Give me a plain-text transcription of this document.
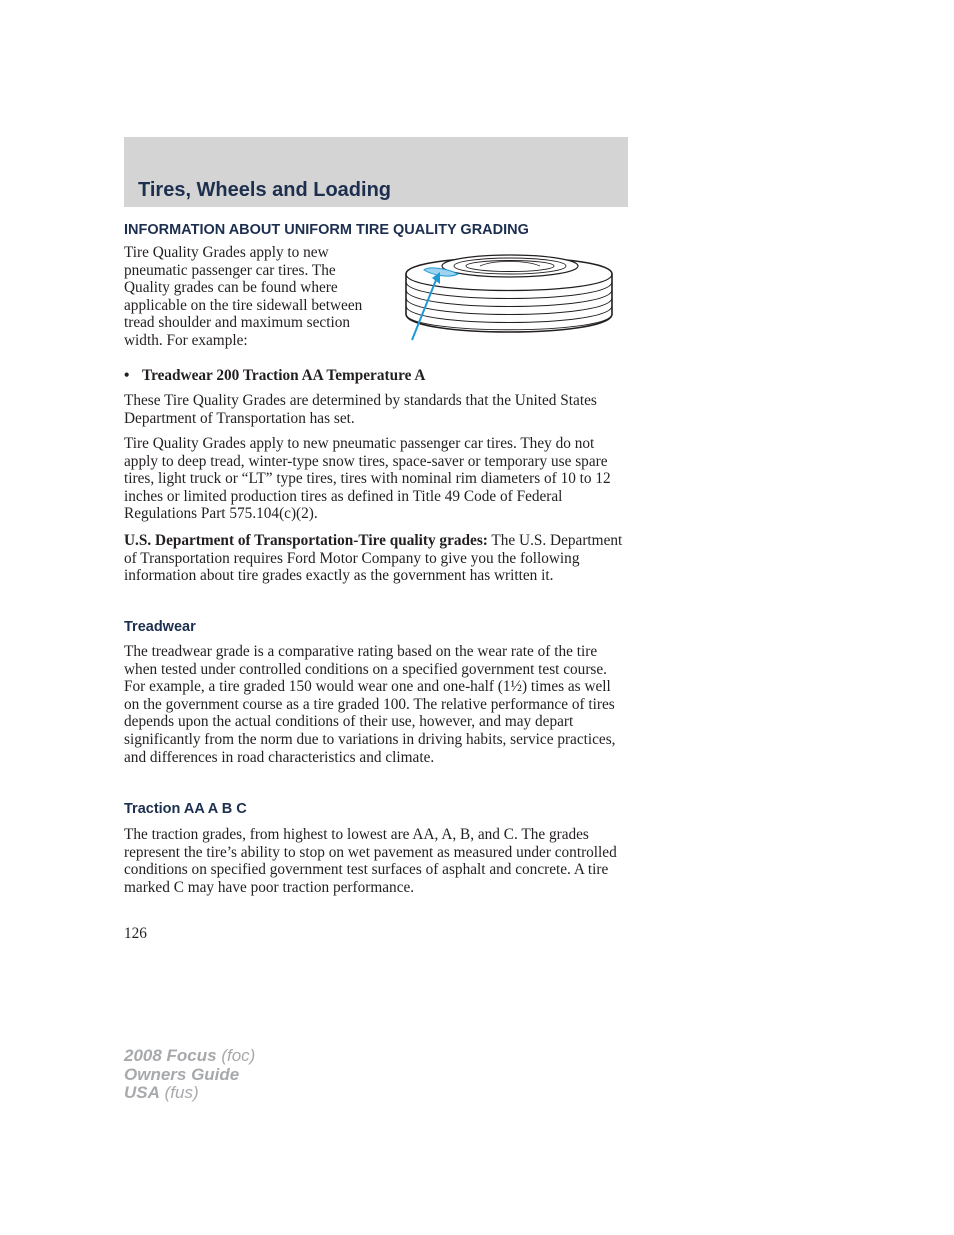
Tires, Wheels and Loading
INFORMATION ABOUT UNIFORM TIRE QUALITY GRADING

Tire Quality Grades apply to new pneumatic passenger car tires. The Quality grades can be found where applicable on the tire sidewall between tread shoulder and maximum section width. For example:

• Treadwear 200 Traction AA Temperature A

These Tire Quality Grades are determined by standards that the United States Department of Transportation has set.

Tire Quality Grades apply to new pneumatic passenger car tires. They do not apply to deep tread, winter-type snow tires, space-saver or temporary use spare tires, light truck or “LT” type tires, tires with nominal rim diameters of 10 to 12 inches or limited production tires as defined in Title 49 Code of Federal Regulations Part 575.104(c)(2).

U.S. Department of Transportation-Tire quality grades: The U.S. Department of Transportation requires Ford Motor Company to give you the following information about tire grades exactly as the government has written it.

Treadwear

The treadwear grade is a comparative rating based on the wear rate of the tire when tested under controlled conditions on a specified government test course. For example, a tire graded 150 would wear one and one-half (1½) times as well on the government course as a tire graded 100. The relative performance of tires depends upon the actual conditions of their use, however, and may depart significantly from the norm due to variations in driving habits, service practices, and differences in road characteristics and climate.

Traction AA A B C

The traction grades, from highest to lowest are AA, A, B, and C. The grades represent the tire’s ability to stop on wet pavement as measured under controlled conditions on specified government test surfaces of asphalt and concrete. A tire marked C may have poor traction performance.

126
2008 Focus (foc)
Owners Guide
USA (fus)
